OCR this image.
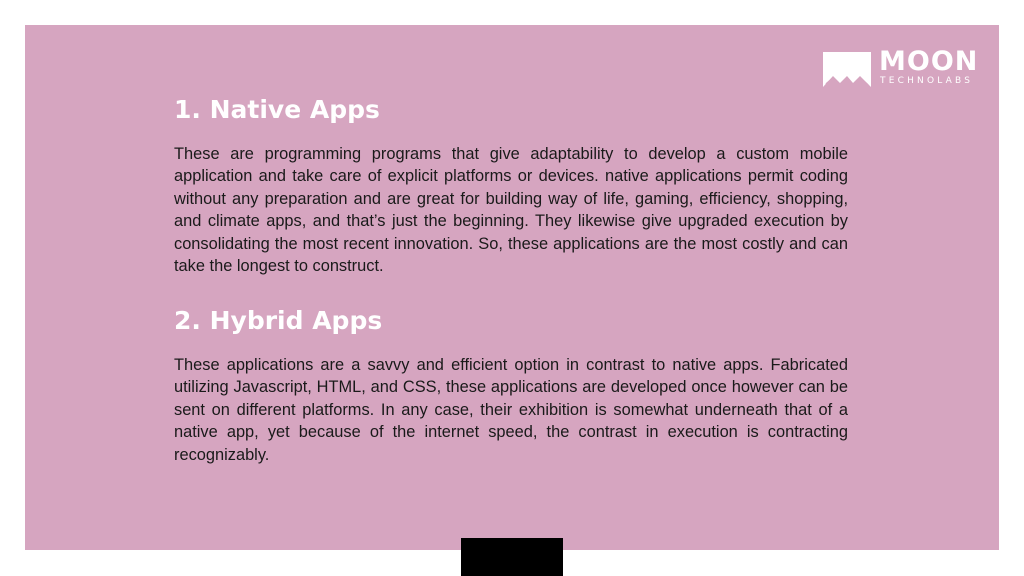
MOON
TECHNOLABS
1. Native Apps

These are programming programs that give adaptability to develop a custom mobile application and take care of explicit platforms or devices. native applications permit coding without any preparation and are great for building way of life, gaming, efficiency, shopping, and climate apps, and that’s just the beginning. They likewise give upgraded execution by consolidating the most recent innovation. So, these applications are the most costly and can take the longest to construct.

2. Hybrid Apps

These applications are a savvy and efficient option in contrast to native apps. Fabricated utilizing Javascript, HTML, and CSS, these applications are developed once however can be sent on different platforms. In any case, their exhibition is somewhat underneath that of a native app, yet because of the internet speed, the contrast in execution is contracting recognizably.
